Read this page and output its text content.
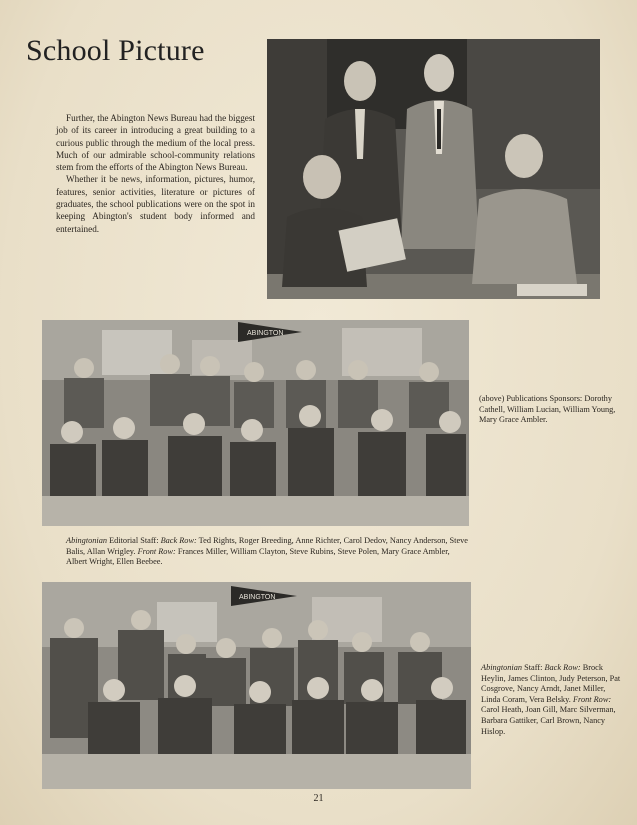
School Picture

Further, the Abington News Bureau had the biggest job of its career in introducing a great building to a curious public through the medium of the local press. Much of our admirable school-community relations stem from the efforts of the Abington News Bureau.

Whether it be news, information, pictures, humor, features, senior activities, literature or pictures of graduates, the school publications were on the spot in keeping Abington's student body informed and entertained.

ABINGTON
ABINGTON
(above) Publications Sponsors: Dorothy Cathell, William Lucian, William Young, Mary Grace Ambler.
Abingtonian Editorial Staff: Back Row: Ted Rights, Roger Breeding, Anne Richter, Carol Dedov, Nancy Anderson, Steve Balis, Allan Wrigley. Front Row: Frances Miller, William Clayton, Steve Rubins, Steve Polen, Mary Grace Ambler, Albert Wright, Ellen Beebee.
Abingtonian Staff: Back Row: Brock Heylin, James Clinton, Judy Peterson, Pat Cosgrove, Nancy Arndt, Janet Miller, Linda Coram, Vera Belsky. Front Row: Carol Heath, Joan Gill, Marc Silverman, Barbara Gattiker, Carl Brown, Nancy Hislop.
21
